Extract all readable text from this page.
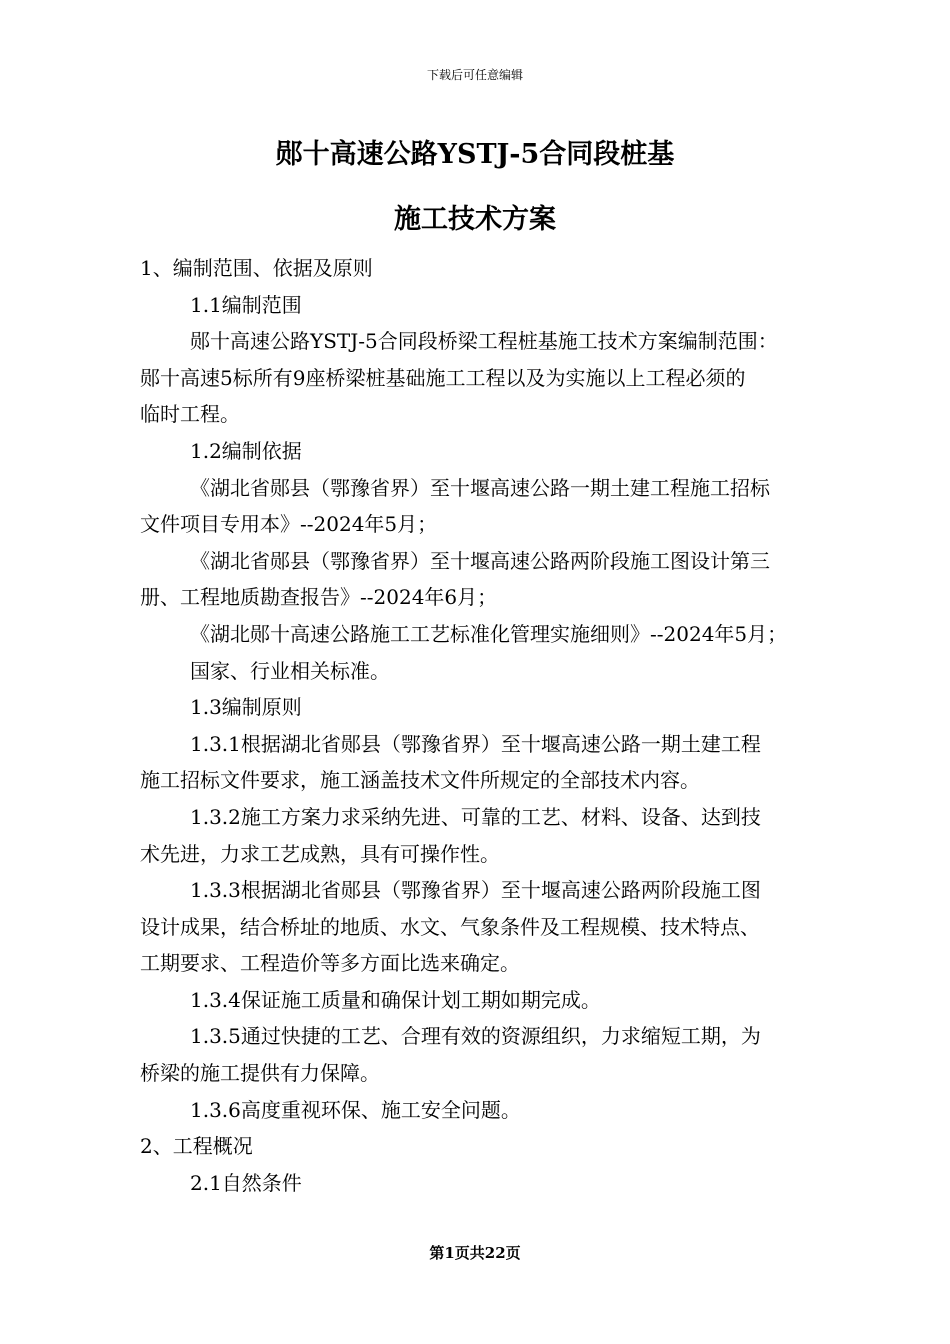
下载后可任意编辑
郧十高速公路YSTJ-5合同段桩基
施工技术方案
1、编制范围、依据及原则
1.1编制范围
郧十高速公路YSTJ-5合同段桥梁工程桩基施工技术方案编制范围：
郧十高速5标所有9座桥梁桩基础施工工程以及为实施以上工程必须的
临时工程。
1.2编制依据
《湖北省郧县（鄂豫省界）至十堰高速公路一期土建工程施工招标
文件项目专用本》--2024年5月；
《湖北省郧县（鄂豫省界）至十堰高速公路两阶段施工图设计第三
册、工程地质勘查报告》--2024年6月；
《湖北郧十高速公路施工工艺标准化管理实施细则》--2024年5月；
国家、行业相关标准。
1.3编制原则
1.3.1根据湖北省郧县（鄂豫省界）至十堰高速公路一期土建工程
施工招标文件要求，施工涵盖技术文件所规定的全部技术内容。
1.3.2施工方案力求采纳先进、可靠的工艺、材料、设备、达到技
术先进，力求工艺成熟，具有可操作性。
1.3.3根据湖北省郧县（鄂豫省界）至十堰高速公路两阶段施工图
设计成果，结合桥址的地质、水文、气象条件及工程规模、技术特点、
工期要求、工程造价等多方面比选来确定。
1.3.4保证施工质量和确保计划工期如期完成。
1.3.5通过快捷的工艺、合理有效的资源组织，力求缩短工期，为
桥梁的施工提供有力保障。
1.3.6高度重视环保、施工安全问题。
2、工程概况
2.1自然条件
第1页共22页
